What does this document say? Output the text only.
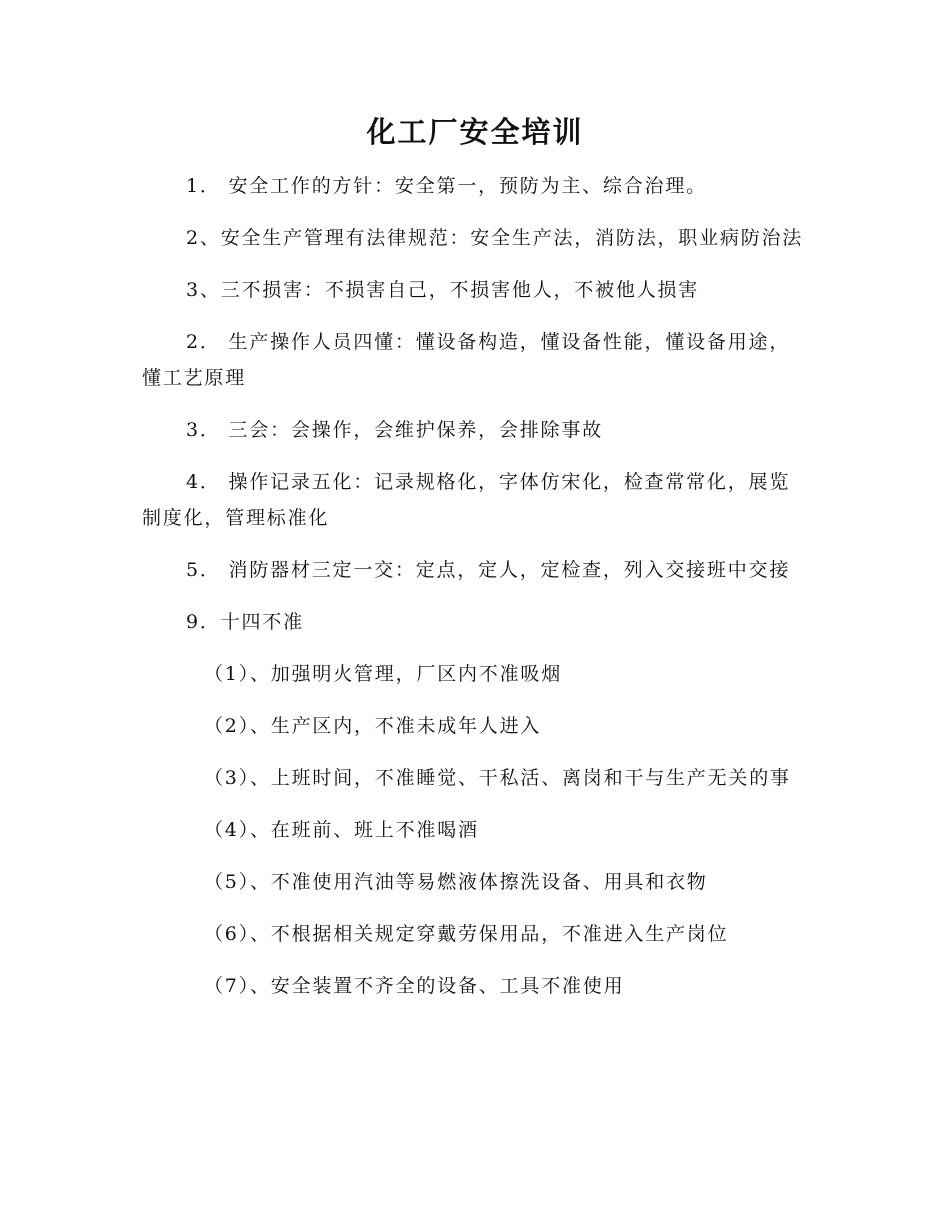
化工厂安全培训

1． 安全工作的方针：安全第一，预防为主、综合治理。

2、安全生产管理有法律规范：安全生产法，消防法，职业病防治法

3、三不损害：不损害自己，不损害他人，不被他人损害

2． 生产操作人员四懂：懂设备构造，懂设备性能，懂设备用途，懂工艺原理

3． 三会：会操作，会维护保养，会排除事故

4． 操作记录五化：记录规格化，字体仿宋化，检查常常化，展览制度化，管理标准化

5． 消防器材三定一交：定点，定人，定检查，列入交接班中交接

9．十四不准

（1）、加强明火管理，厂区内不准吸烟

（2）、生产区内，不准未成年人进入

（3）、上班时间，不准睡觉、干私活、离岗和干与生产无关的事

（4）、在班前、班上不准喝酒

（5）、不准使用汽油等易燃液体擦洗设备、用具和衣物

（6）、不根据相关规定穿戴劳保用品，不准进入生产岗位

（7）、安全装置不齐全的设备、工具不准使用
